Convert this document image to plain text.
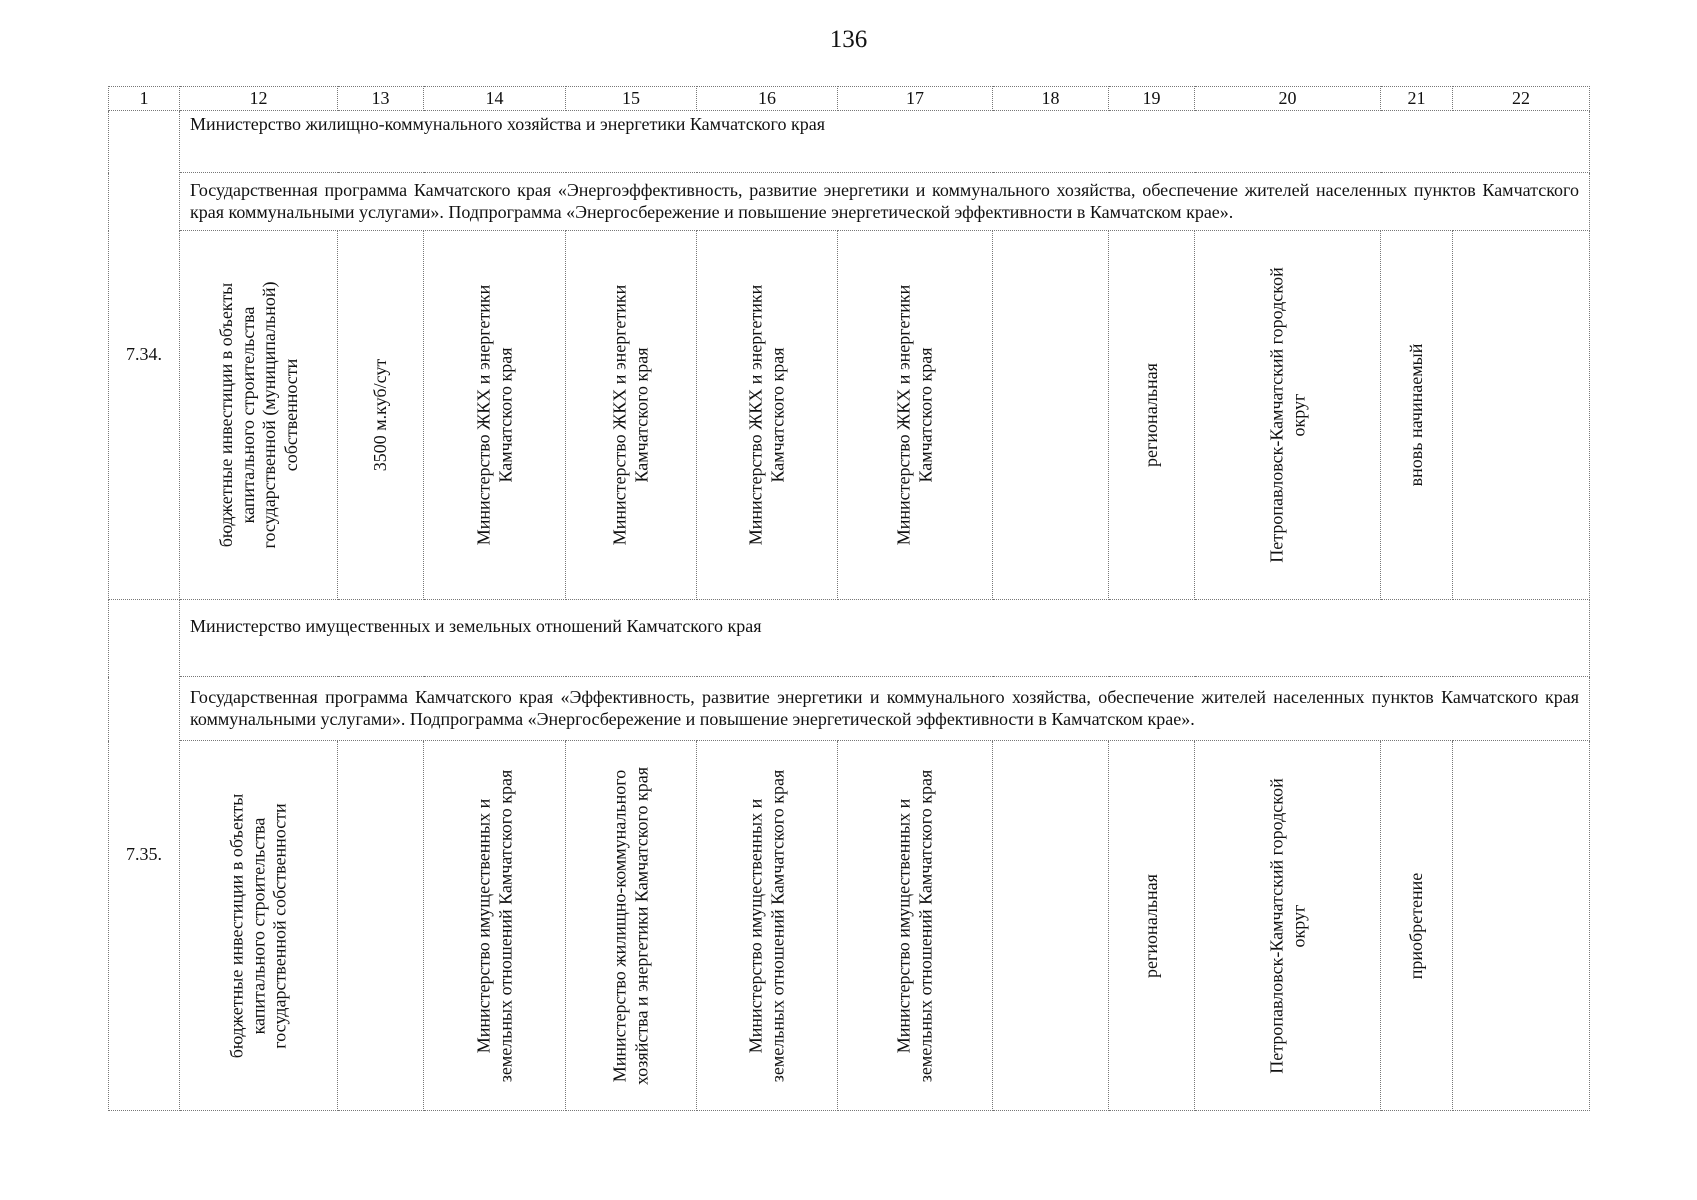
136
1	12	13	14	15	16	17	18	19	20	21	22
7.34.	Министерство жилищно-коммунального хозяйства и энергетики Камчатского края										
	Государственная программа Камчатского края «Энергоэффективность, развитие энергетики и коммунального хозяйства, обеспечение жителей населенных пунктов Камчатского края коммунальными услугами». Подпрограмма «Энергосбережение и повышение энергетической эффективности в Камчатском крае».										

	бюджетные инвестиции в объекты капитального строительства государственной (муниципальной) собственности	3500 м.куб/сут	Министерство ЖКХ и энергетики Камчатского края	Министерство ЖКХ и энергетики Камчатского края	Министерство ЖКХ и энергетики Камчатского края	Министерство ЖКХ и энергетики Камчатского края		региональная	Петропавловск-Камчатский городской округ	вновь начинаемый	

7.35.	Министерство имущественных и земельных отношений Камчатского края										
	Государственная программа Камчатского края «Эффективность, развитие энергетики и коммунального хозяйства, обеспечение жителей населенных пунктов Камчатского края коммунальными услугами». Подпрограмма «Энергосбережение и повышение энергетической эффективности в Камчатском крае».										

	бюджетные инвестиции в объекты капитального строительства государственной собственности		Министерство имущественных и земельных отношений Камчатского края	Министерство жилищно-коммунального хозяйства и энергетики Камчатского края	Министерство имущественных и земельных отношений Камчатского края	Министерство имущественных и земельных отношений Камчатского края		региональная	Петропавловск-Камчатский городской округ	приобретение	
